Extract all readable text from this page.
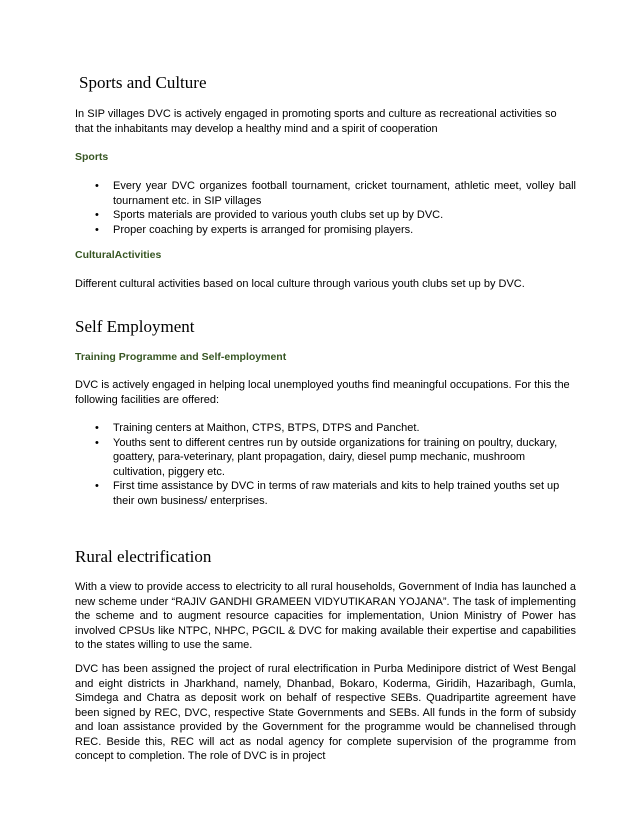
Sports and Culture

In SIP villages DVC is actively engaged in promoting sports and culture as recreational activities so that the inhabitants may develop a healthy mind and a spirit of cooperation

Sports

• Every year DVC organizes football tournament, cricket tournament, athletic meet, volley ball tournament etc. in SIP villages
• Sports materials are provided to various youth clubs set up by DVC.
• Proper coaching by experts is arranged for promising players.

CulturalActivities

Different cultural activities based on local culture through various youth clubs set up by DVC.

Self Employment

Training Programme and Self-employment

DVC is actively engaged in helping local unemployed youths find meaningful occupations. For this the following facilities are offered:

• Training centers at Maithon, CTPS, BTPS, DTPS and Panchet.
• Youths sent to different centres run by outside organizations for training on poultry, duckary, goattery, para-veterinary, plant propagation, dairy, diesel pump mechanic, mushroom cultivation, piggery etc.
• First time assistance by DVC in terms of raw materials and kits to help trained youths set up their own business/ enterprises.
Rural electrification

With a view to provide access to electricity to all rural households, Government of India has launched a new scheme under “RAJIV GANDHI GRAMEEN VIDYUTIKARAN YOJANA”. The task of implementing the scheme and to augment resource capacities for implementation, Union Ministry of Power has involved CPSUs like NTPC, NHPC, PGCIL & DVC for making available their expertise and capabilities to the states willing to use the same.

DVC has been assigned the project of rural electrification in Purba Medinipore district of West Bengal and eight districts in Jharkhand, namely, Dhanbad, Bokaro, Koderma, Giridih, Hazaribagh, Gumla, Simdega and Chatra as deposit work on behalf of respective SEBs. Quadripartite agreement have been signed by REC, DVC, respective State Governments and SEBs. All funds in the form of subsidy and loan assistance provided by the Government for the programme would be channelised through REC. Beside this, REC will act as nodal agency for complete supervision of the programme from concept to completion. The role of DVC is in project
